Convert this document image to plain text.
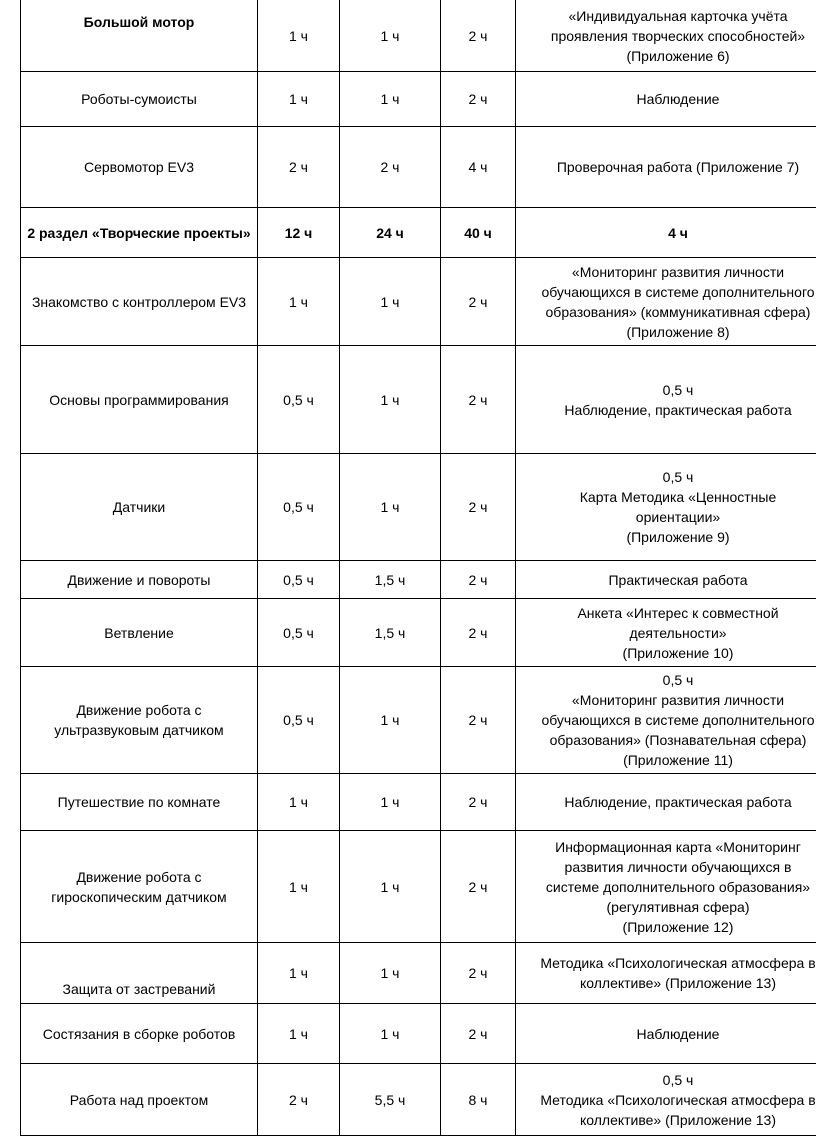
Большой мотор	1 ч	1 ч	2 ч	«Индивидуальная карточка учёта
проявления творческих способностей»
(Приложение 6)

Роботы-сумоисты	1 ч	1 ч	2 ч	Наблюдение

Сервомотор EV3	2 ч	2 ч	4 ч	Проверочная работа (Приложение 7)

2 раздел «Творческие проекты»	12 ч	24 ч	40 ч	4 ч

Знакомство с контроллером EV3	1 ч	1 ч	2 ч	«Мониторинг развития личности
обучающихся в системе дополнительного
образования» (коммуникативная сфера)
(Приложение 8)

Основы программирования	0,5 ч	1 ч	2 ч	0,5 ч
Наблюдение, практическая работа

Датчики	0,5 ч	1 ч	2 ч	0,5 ч
Карта Методика «Ценностные
ориентации»
(Приложение 9)

Движение и повороты	0,5 ч	1,5 ч	2 ч	Практическая работа

Ветвление	0,5 ч	1,5 ч	2 ч	Анкета «Интерес к совместной
деятельности»
(Приложение 10)

Движение робота с ультразвуковым датчиком	0,5 ч	1 ч	2 ч	0,5 ч
«Мониторинг развития личности
обучающихся в системе дополнительного
образования» (Познавательная сфера)
(Приложение 11)

Путешествие по комнате	1 ч	1 ч	2 ч	Наблюдение, практическая работа

Движение робота с гироскопическим датчиком	1 ч	1 ч	2 ч	Информационная карта «Мониторинг
развития личности обучающихся в
системе дополнительного образования»
(регулятивная сфера)
(Приложение 12)

Защита от застреваний	1 ч	1 ч	2 ч	Методика «Психологическая атмосфера в
коллективе» (Приложение 13)

Состязания в сборке роботов	1 ч	1 ч	2 ч	Наблюдение

Работа над проектом	2 ч	5,5 ч	8 ч	0,5 ч
Методика «Психологическая атмосфера в
коллективе» (Приложение 13)
